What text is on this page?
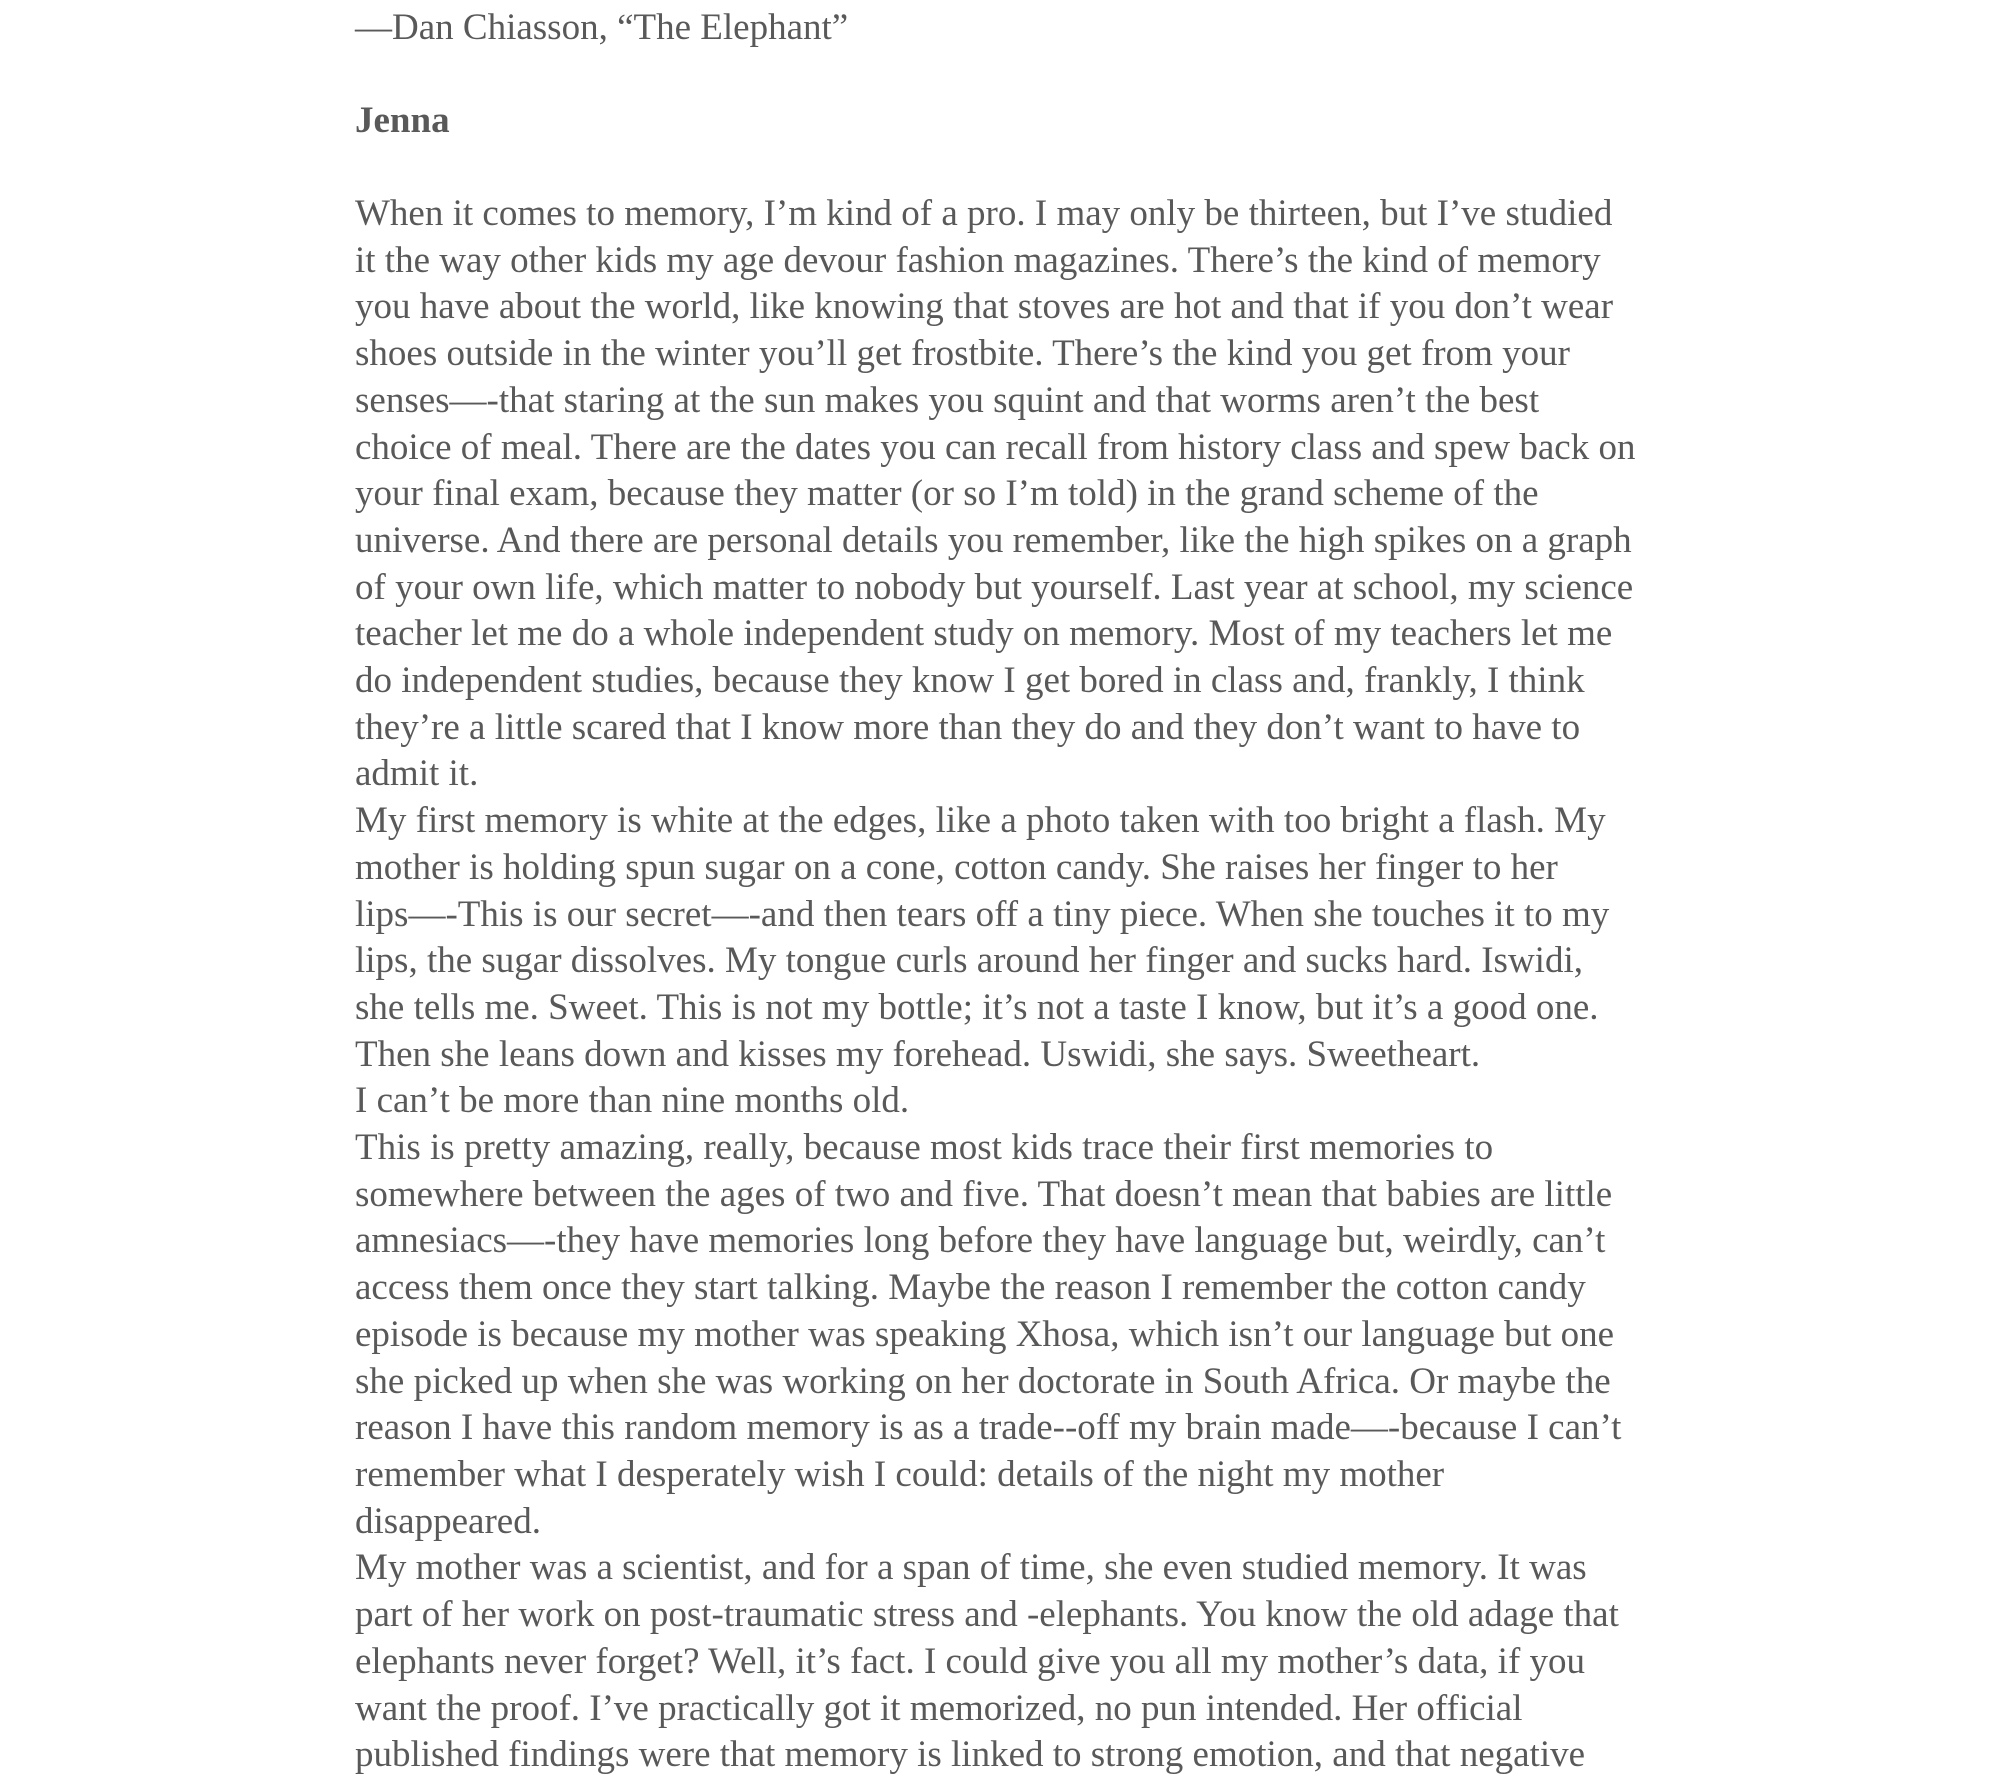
—Dan Chiasson, “The Elephant”
Jenna
When it comes to memory, I’m kind of a pro. I may only be thirteen, but I’ve studied
it the way other kids my age devour fashion magazines. There’s the kind of memory
you have about the world, like knowing that stoves are hot and that if you don’t wear
shoes outside in the winter you’ll get frostbite. There’s the kind you get from your
senses—-that staring at the sun makes you squint and that worms aren’t the best
choice of meal. There are the dates you can recall from history class and spew back on
your final exam, because they matter (or so I’m told) in the grand scheme of the
universe. And there are personal details you remember, like the high spikes on a graph
of your own life, which matter to nobody but yourself. Last year at school, my science
teacher let me do a whole independent study on memory. Most of my teachers let me
do independent studies, because they know I get bored in class and, frankly, I think
they’re a little scared that I know more than they do and they don’t want to have to
admit it.
My first memory is white at the edges, like a photo taken with too bright a flash. My
mother is holding spun sugar on a cone, cotton candy. She raises her finger to her
lips—-This is our secret—-and then tears off a tiny piece. When she touches it to my
lips, the sugar dissolves. My tongue curls around her finger and sucks hard. Iswidi,
she tells me. Sweet. This is not my bottle; it’s not a taste I know, but it’s a good one.
Then she leans down and kisses my forehead. Uswidi, she says. Sweetheart.
I can’t be more than nine months old.
This is pretty amazing, really, because most kids trace their first memories to
somewhere between the ages of two and five. That doesn’t mean that babies are little
amnesiacs—-they have memories long before they have language but, weirdly, can’t
access them once they start talking. Maybe the reason I remember the cotton candy
episode is because my mother was speaking Xhosa, which isn’t our language but one
she picked up when she was working on her doctorate in South Africa. Or maybe the
reason I have this random memory is as a trade--off my brain made—-because I can’t
remember what I desperately wish I could: details of the night my mother
disappeared.
My mother was a scientist, and for a span of time, she even studied memory. It was
part of her work on post-traumatic stress and -elephants. You know the old adage that
elephants never forget? Well, it’s fact. I could give you all my mother’s data, if you
want the proof. I’ve practically got it memorized, no pun intended. Her official
published findings were that memory is linked to strong emotion, and that negative
